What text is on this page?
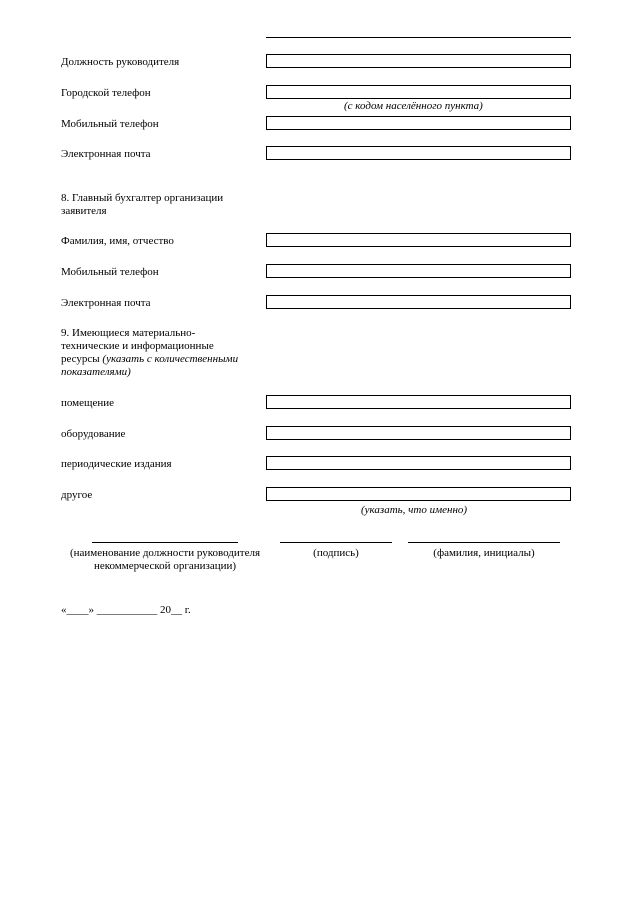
Должность руководителя
Городской телефон
(с кодом населённого пункта)
Мобильный телефон
Электронная почта
8. Главный бухгалтер организации
заявителя
Фамилия, имя, отчество
Мобильный телефон
Электронная почта
9. Имеющиеся материально-
технические и информационные
ресурсы (указать с количественными
показателями)
помещение
оборудование
периодические издания
другое
(указать, что именно)
(наименование должности руководителя
некоммерческой организации)
(подпись)	(фамилия, инициалы)
«____» ___________ 20__ г.
